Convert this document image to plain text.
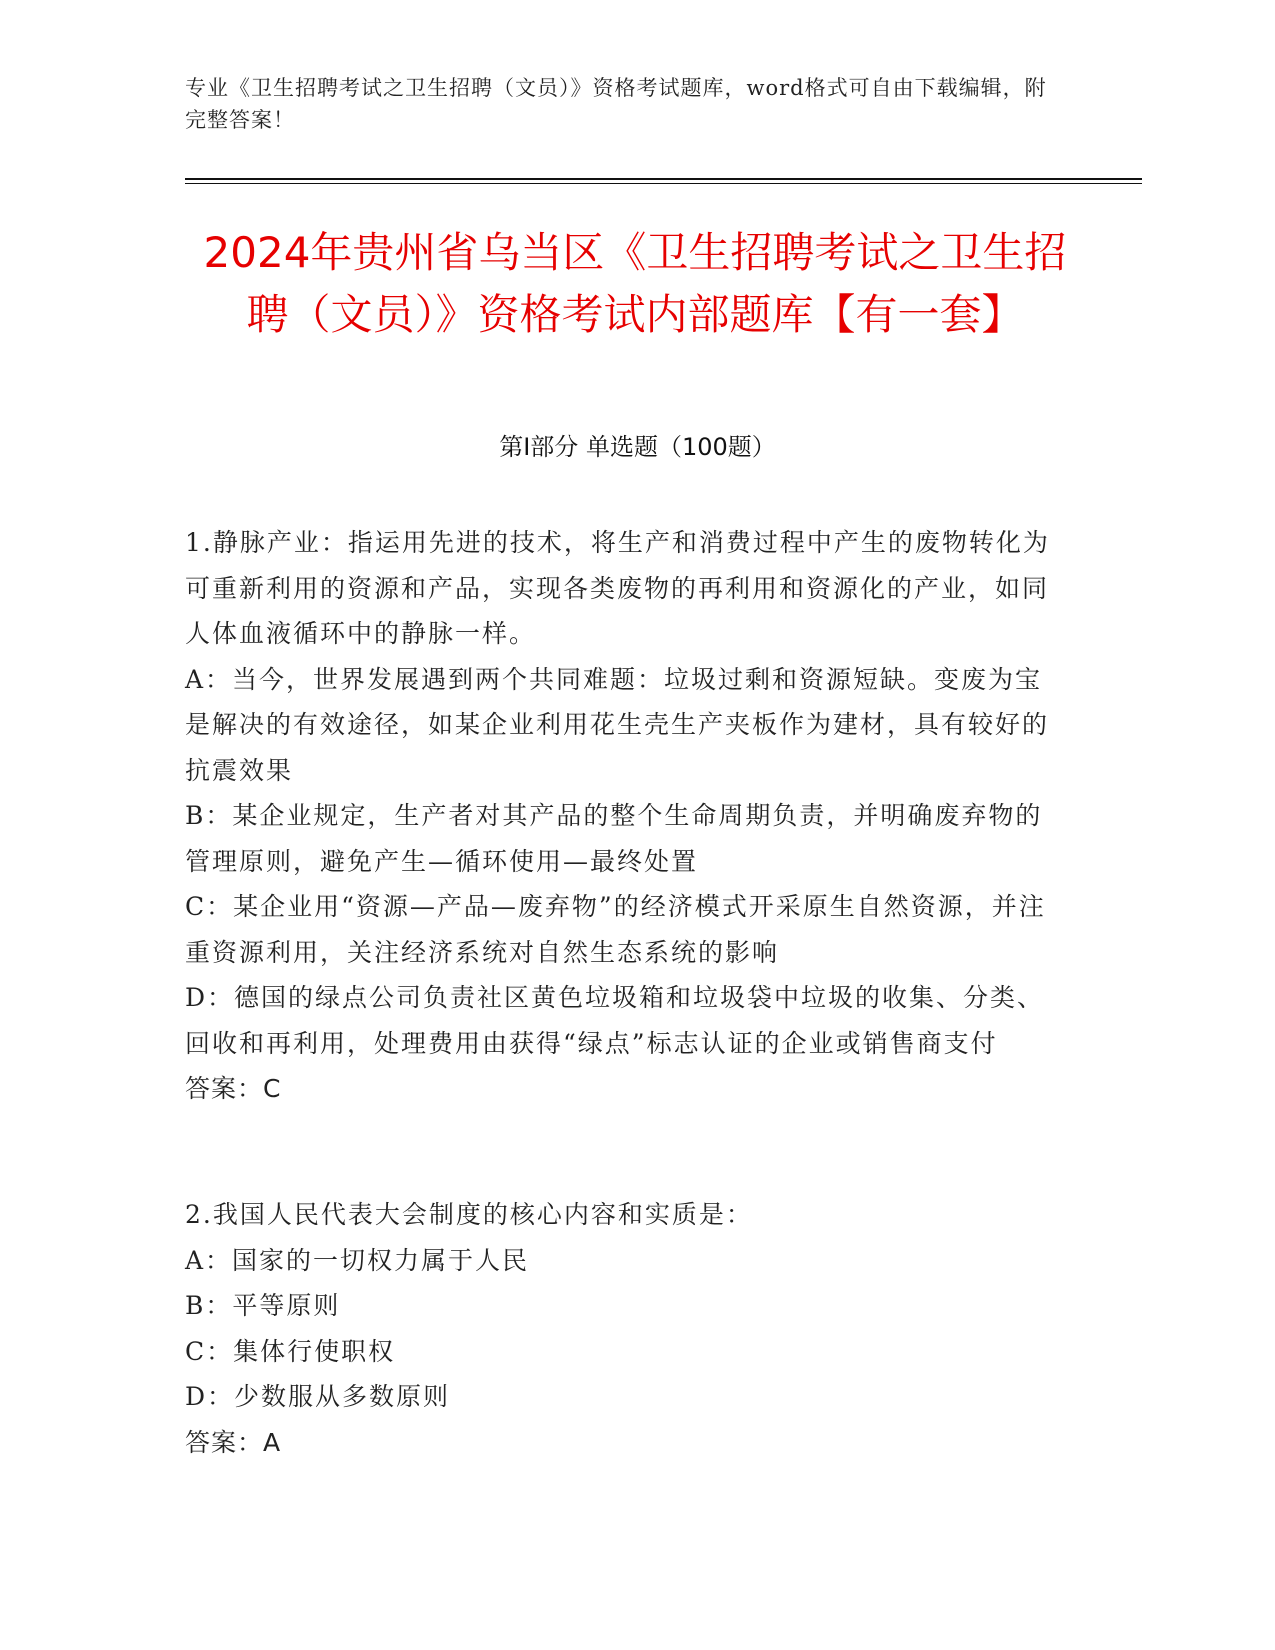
专业《卫生招聘考试之卫生招聘（文员）》资格考试题库，word格式可自由下载编辑，附完整答案！
2024年贵州省乌当区《卫生招聘考试之卫生招聘（文员）》资格考试内部题库【有一套】
第Ⅰ部分 单选题（100题）
1.静脉产业：指运用先进的技术，将生产和消费过程中产生的废物转化为可重新利用的资源和产品，实现各类废物的再利用和资源化的产业，如同人体血液循环中的静脉一样。
A：当今，世界发展遇到两个共同难题：垃圾过剩和资源短缺。变废为宝是解决的有效途径，如某企业利用花生壳生产夹板作为建材，具有较好的抗震效果
B：某企业规定，生产者对其产品的整个生命周期负责，并明确废弃物的管理原则，避免产生—循环使用—最终处置
C：某企业用“资源—产品—废弃物”的经济模式开采原生自然资源，并注重资源利用，关注经济系统对自然生态系统的影响
D：德国的绿点公司负责社区黄色垃圾箱和垃圾袋中垃圾的收集、分类、回收和再利用，处理费用由获得“绿点”标志认证的企业或销售商支付
答案：C
2.我国人民代表大会制度的核心内容和实质是：
A：国家的一切权力属于人民
B：平等原则
C：集体行使职权
D：少数服从多数原则
答案：A
